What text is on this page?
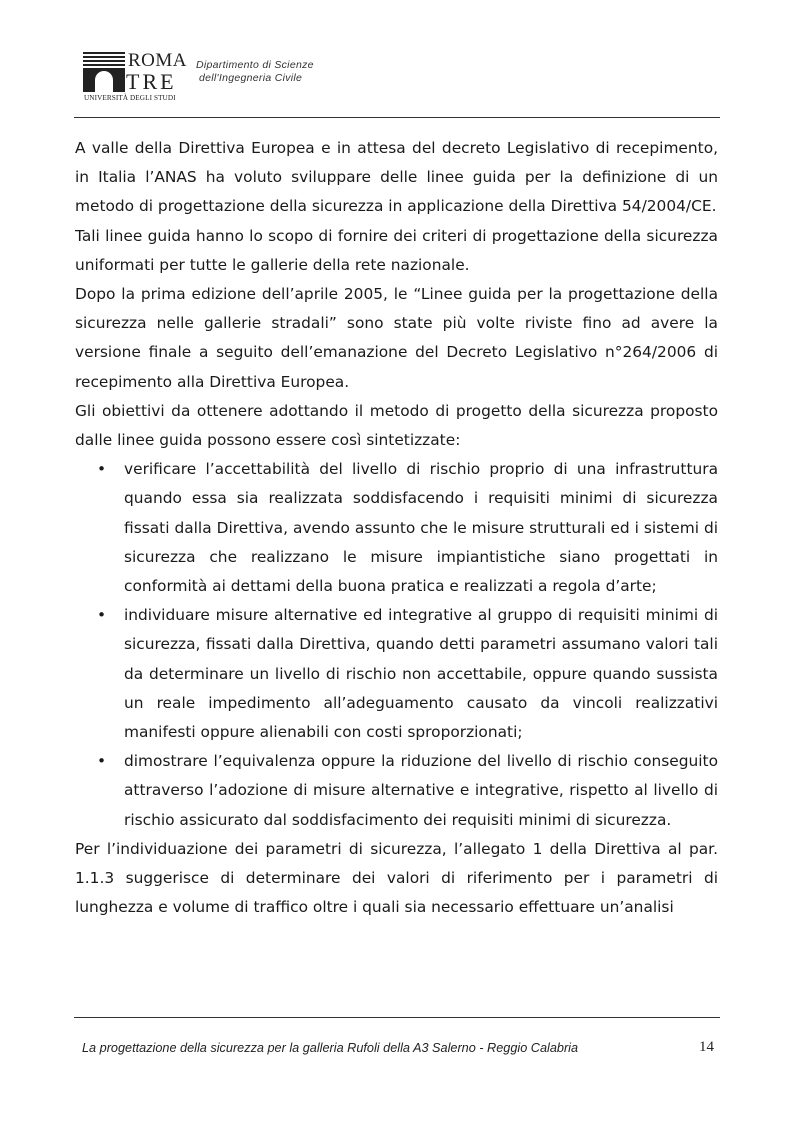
ROMA
TRE
UNIVERSITÀ DEGLI STUDI
Dipartimento di Scienze
dell'Ingegneria Civile

A valle della Direttiva Europea e in attesa del decreto Legislativo di recepimento, in Italia l’ANAS ha voluto sviluppare delle linee guida per la definizione di un metodo di progettazione della sicurezza in applicazione della Direttiva 54/2004/CE.

Tali linee guida hanno lo scopo di fornire dei criteri di progettazione della sicurezza uniformati per tutte le gallerie della rete nazionale.

Dopo la prima edizione dell’aprile 2005, le “Linee guida per la progettazione della sicurezza nelle gallerie stradali” sono state più volte riviste fino ad avere la versione finale a seguito dell’emanazione del Decreto Legislativo n°264/2006 di recepimento alla Direttiva Europea.

Gli obiettivi da ottenere adottando il metodo di progetto della sicurezza proposto dalle linee guida possono essere così sintetizzate:

• verificare l’accettabilità del livello di rischio proprio di una infrastruttura quando essa sia realizzata soddisfacendo i requisiti minimi di sicurezza fissati dalla Direttiva, avendo assunto che le misure strutturali ed i sistemi di sicurezza che realizzano le misure impiantistiche siano progettati in conformità ai dettami della buona pratica e realizzati a regola d’arte;
• individuare misure alternative ed integrative al gruppo di requisiti minimi di sicurezza, fissati dalla Direttiva, quando detti parametri assumano valori tali da determinare un livello di rischio non accettabile, oppure quando sussista un reale impedimento all’adeguamento causato da vincoli realizzativi manifesti oppure alienabili con costi sproporzionati;
• dimostrare l’equivalenza oppure la riduzione del livello di rischio conseguito attraverso l’adozione di misure alternative e integrative, rispetto al livello di rischio assicurato dal soddisfacimento dei requisiti minimi di sicurezza.

Per l’individuazione dei parametri di sicurezza, l’allegato 1 della Direttiva al par. 1.1.3 suggerisce di determinare dei valori di riferimento per i parametri di lunghezza e volume di traffico oltre i quali sia necessario effettuare un’analisi

La progettazione della sicurezza per la galleria Rufoli della A3 Salerno - Reggio Calabria	14
